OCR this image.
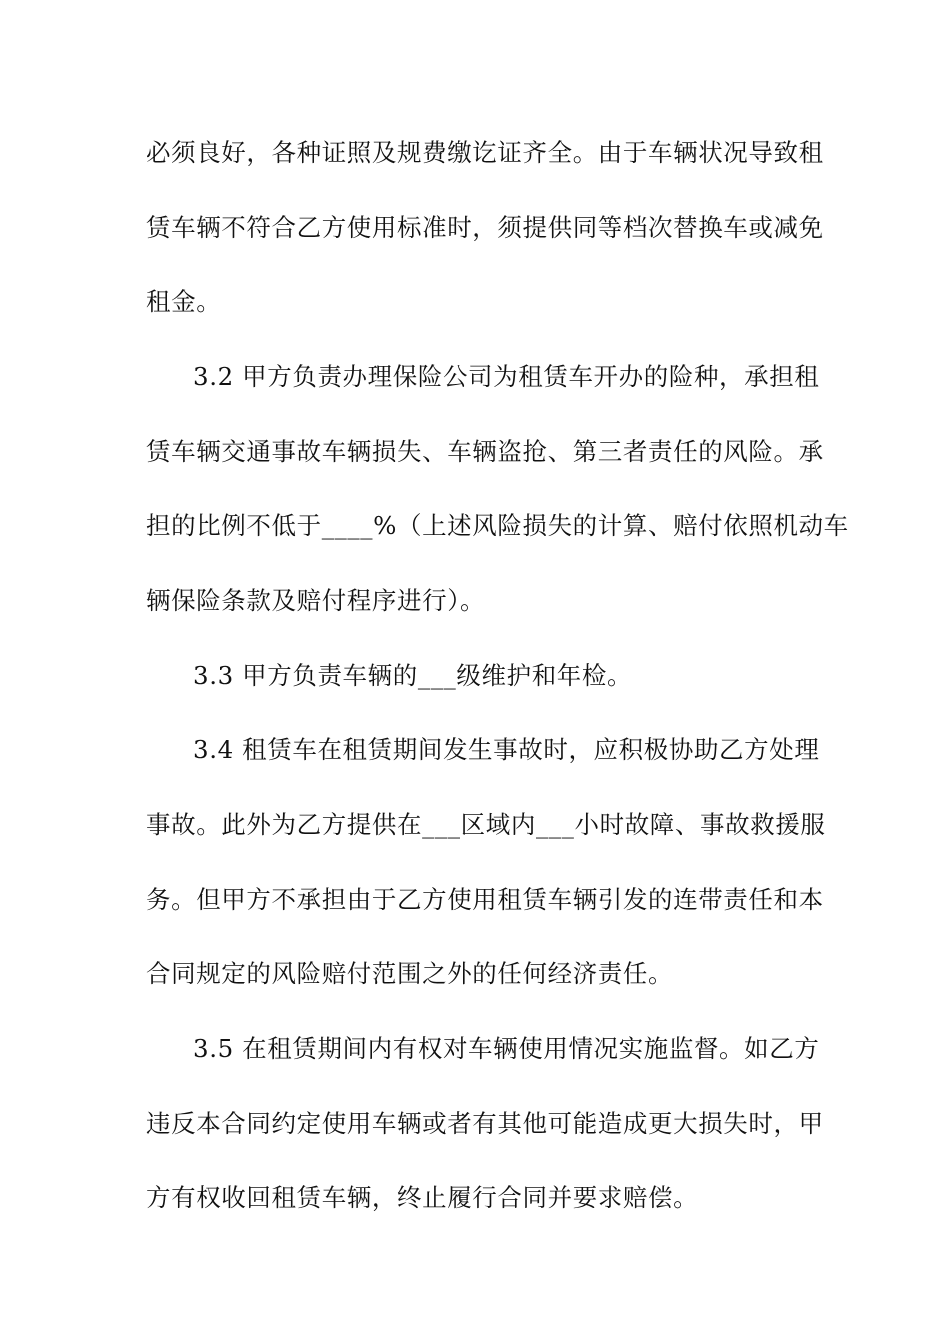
必须良好，各种证照及规费缴讫证齐全。由于车辆状况导致租
赁车辆不符合乙方使用标准时，须提供同等档次替换车或减免
租金。
3.2 甲方负责办理保险公司为租赁车开办的险种，承担租
赁车辆交通事故车辆损失、车辆盗抢、第三者责任的风险。承
担的比例不低于____%（上述风险损失的计算、赔付依照机动车
辆保险条款及赔付程序进行）。
3.3 甲方负责车辆的___级维护和年检。
3.4 租赁车在租赁期间发生事故时，应积极协助乙方处理
事故。此外为乙方提供在___区域内___小时故障、事故救援服
务。但甲方不承担由于乙方使用租赁车辆引发的连带责任和本
合同规定的风险赔付范围之外的任何经济责任。
3.5 在租赁期间内有权对车辆使用情况实施监督。如乙方
违反本合同约定使用车辆或者有其他可能造成更大损失时，甲
方有权收回租赁车辆，终止履行合同并要求赔偿。
